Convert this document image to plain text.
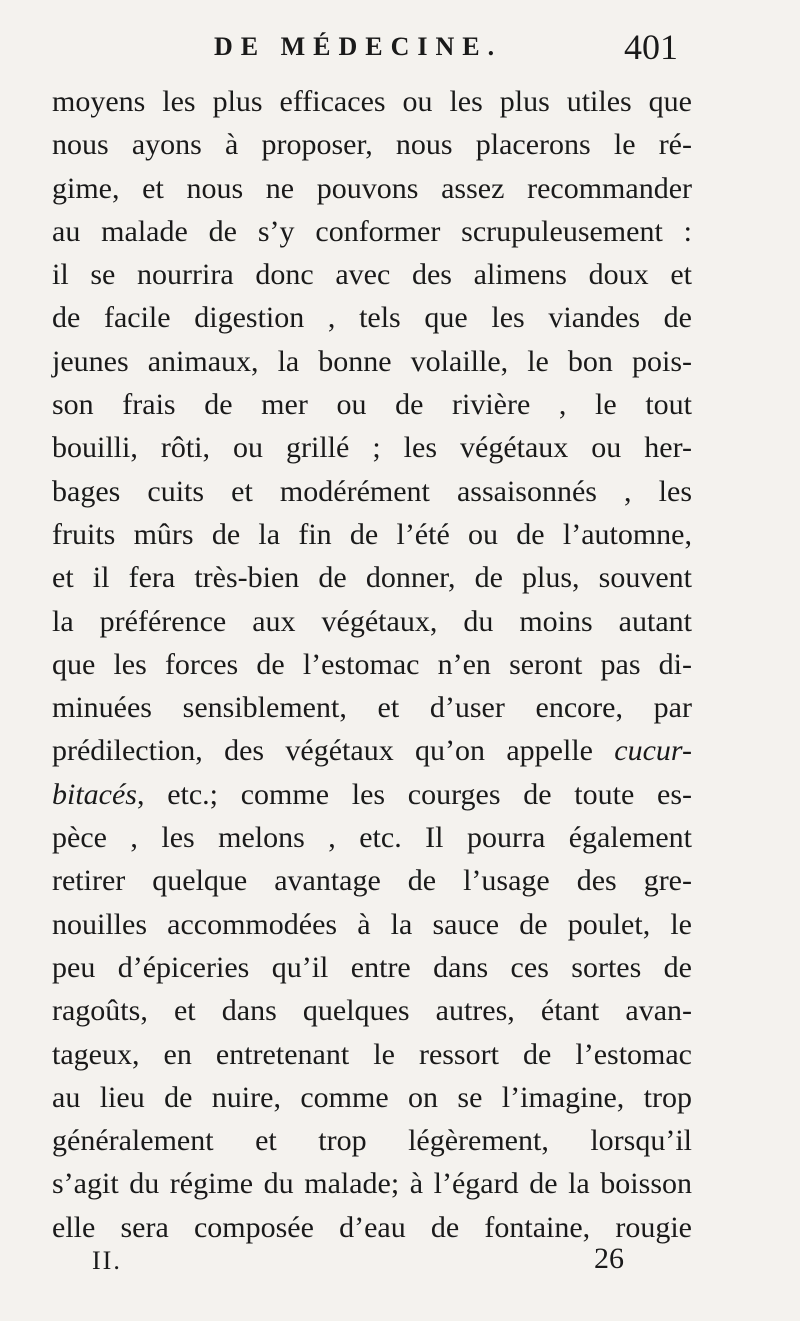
DE MÉDECINE.	401
moyens les plus efficaces ou les plus utiles que
nous ayons à proposer, nous placerons le ré-
gime, et nous ne pouvons assez recommander
au malade de s’y conformer scrupuleusement :
il se nourrira donc avec des alimens doux et
de facile digestion , tels que les viandes de
jeunes animaux, la bonne volaille, le bon pois-
son frais de mer ou de rivière , le tout
bouilli, rôti, ou grillé ; les végétaux ou her-
bages cuits et modérément assaisonnés , les
fruits mûrs de la fin de l’été ou de l’automne,
et il fera très-bien de donner, de plus, souvent
la préférence aux végétaux, du moins autant
que les forces de l’estomac n’en seront pas di-
minuées sensiblement, et d’user encore, par
prédilection, des végétaux qu’on appelle cucur-
bitacés, etc.; comme les courges de toute es-
pèce , les melons , etc. Il pourra également
retirer quelque avantage de l’usage des gre-
nouilles accommodées à la sauce de poulet, le
peu d’épiceries qu’il entre dans ces sortes de
ragoûts, et dans quelques autres, étant avan-
tageux, en entretenant le ressort de l’estomac
au lieu de nuire, comme on se l’imagine, trop
généralement et trop légèrement, lorsqu’il
s’agit du régime du malade; à l’égard de la boisson
elle sera composée d’eau de fontaine, rougie
II.	26
